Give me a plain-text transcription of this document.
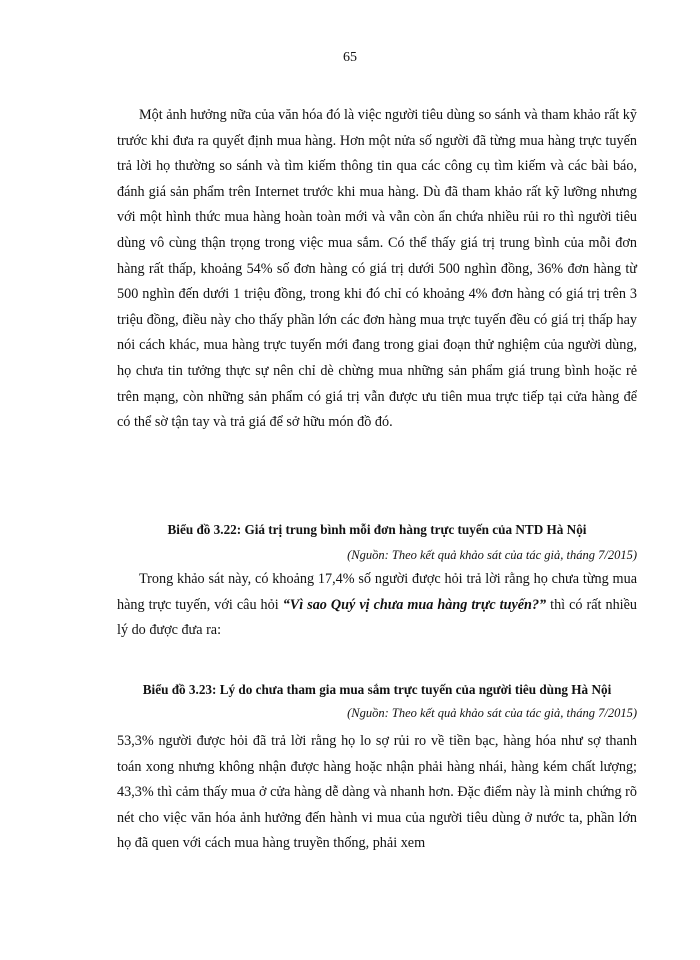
65

Một ảnh hưởng nữa của văn hóa đó là việc người tiêu dùng so sánh và tham khảo rất kỹ trước khi đưa ra quyết định mua hàng. Hơn một nửa số người đã từng mua hàng trực tuyến trả lời họ thường so sánh và tìm kiếm thông tin qua các công cụ tìm kiếm và các bài báo, đánh giá sản phẩm trên Internet trước khi mua hàng. Dù đã tham khảo rất kỹ lưỡng nhưng với một hình thức mua hàng hoàn toàn mới và vẫn còn ẩn chứa nhiều rủi ro thì người tiêu dùng vô cùng thận trọng trong việc mua sắm. Có thể thấy giá trị trung bình của mỗi đơn hàng rất thấp, khoảng 54% số đơn hàng có giá trị dưới 500 nghìn đồng, 36% đơn hàng từ 500 nghìn đến dưới 1 triệu đồng, trong khi đó chỉ có khoảng 4% đơn hàng có giá trị trên 3 triệu đồng, điều này cho thấy phần lớn các đơn hàng mua trực tuyến đều có giá trị thấp hay nói cách khác, mua hàng trực tuyến mới đang trong giai đoạn thử nghiệm của người dùng, họ chưa tin tưởng thực sự nên chỉ dè chừng mua những sản phẩm giá trung bình hoặc rẻ trên mạng, còn những sản phẩm có giá trị vẫn được ưu tiên mua trực tiếp tại cửa hàng để có thể sờ tận tay và trả giá để sở hữu món đồ đó.

Biểu đồ 3.22: Giá trị trung bình mỗi đơn hàng trực tuyến của NTD Hà Nội

(Nguồn: Theo kết quả khảo sát của tác giả, tháng 7/2015)

Trong khảo sát này, có khoảng 17,4% số người được hỏi trả lời rằng họ chưa từng mua hàng trực tuyến, với câu hỏi “Vì sao Quý vị chưa mua hàng trực tuyến?” thì có rất nhiều lý do được đưa ra:

Biểu đồ 3.23: Lý do chưa tham gia mua sắm trực tuyến của người tiêu dùng Hà Nội

(Nguồn: Theo kết quả khảo sát của tác giả, tháng 7/2015)

53,3% người được hỏi đã trả lời rằng họ lo sợ rủi ro về tiền bạc, hàng hóa như sợ thanh toán xong nhưng không nhận được hàng hoặc nhận phải hàng nhái, hàng kém chất lượng; 43,3% thì cảm thấy mua ở cửa hàng dễ dàng và nhanh hơn. Đặc điểm này là minh chứng rõ nét cho việc văn hóa ảnh hưởng đến hành vi mua của người tiêu dùng ở nước ta, phần lớn họ đã quen với cách mua hàng truyền thống, phải xem
